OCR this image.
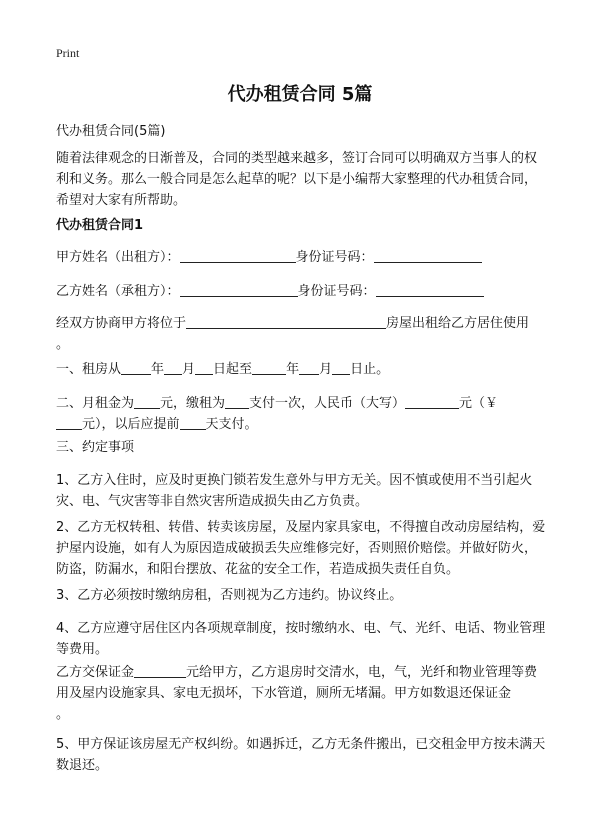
Print
代办租赁合同 5篇
代办租赁合同(5篇)
随着法律观念的日渐普及，合同的类型越来越多，签订合同可以明确双方当事人的权利和义务。那么一般合同是怎么起草的呢？以下是小编帮大家整理的代办租赁合同，希望对大家有所帮助。
代办租赁合同1
甲方姓名（出租方）：	身份证号码：
乙方姓名（承租方）：	身份证号码：
经双方协商甲方将位于	房屋出租给乙方居住使用
。
一、租房从 年 月 日起至	年 月 日止。
二、月租金为 元，缴租为 支付一次，人民币（大写）	元（￥
元），以后应提前 天支付。
三、约定事项
1、乙方入住时，应及时更换门锁若发生意外与甲方无关。因不慎或使用不当引起火灾、电、气灾害等非自然灾害所造成损失由乙方负责。
2、乙方无权转租、转借、转卖该房屋，及屋内家具家电，不得擅自改动房屋结构，爱护屋内设施，如有人为原因造成破损丢失应维修完好，否则照价赔偿。并做好防火，防盗，防漏水，和阳台摆放、花盆的安全工作，若造成损失责任自负。
3、乙方必须按时缴纳房租，否则视为乙方违约。协议终止。
4、乙方应遵守居住区内各项规章制度，按时缴纳水、电、气、光纤、电话、物业管理等费用。
乙方交保证金	元给甲方，乙方退房时交清水，电，气，光纤和物业管理等费用及屋内设施家具、家电无损坏，下水管道，厕所无堵漏。甲方如数退还保证金
。
5、甲方保证该房屋无产权纠纷。如遇拆迁，乙方无条件搬出，已交租金甲方按未满天数退还。
